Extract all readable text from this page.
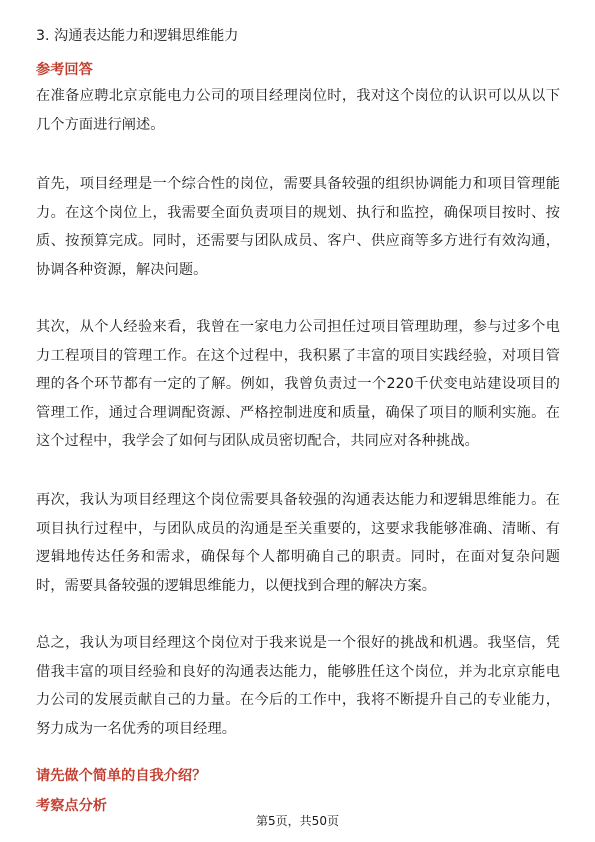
3. 沟通表达能力和逻辑思维能力
参考回答
在准备应聘北京京能电力公司的项目经理岗位时，我对这个岗位的认识可以从以下几个方面进行阐述。
首先，项目经理是一个综合性的岗位，需要具备较强的组织协调能力和项目管理能力。在这个岗位上，我需要全面负责项目的规划、执行和监控，确保项目按时、按质、按预算完成。同时，还需要与团队成员、客户、供应商等多方进行有效沟通，协调各种资源，解决问题。
其次，从个人经验来看，我曾在一家电力公司担任过项目管理助理，参与过多个电力工程项目的管理工作。在这个过程中，我积累了丰富的项目实践经验，对项目管理的各个环节都有一定的了解。例如，我曾负责过一个220千伏变电站建设项目的管理工作，通过合理调配资源、严格控制进度和质量，确保了项目的顺利实施。在这个过程中，我学会了如何与团队成员密切配合，共同应对各种挑战。
再次，我认为项目经理这个岗位需要具备较强的沟通表达能力和逻辑思维能力。在项目执行过程中，与团队成员的沟通是至关重要的，这要求我能够准确、清晰、有逻辑地传达任务和需求，确保每个人都明确自己的职责。同时，在面对复杂问题时，需要具备较强的逻辑思维能力，以便找到合理的解决方案。
总之，我认为项目经理这个岗位对于我来说是一个很好的挑战和机遇。我坚信，凭借我丰富的项目经验和良好的沟通表达能力，能够胜任这个岗位，并为北京京能电力公司的发展贡献自己的力量。在今后的工作中，我将不断提升自己的专业能力，努力成为一名优秀的项目经理。
请先做个简单的自我介绍？
考察点分析
第5页，共50页
